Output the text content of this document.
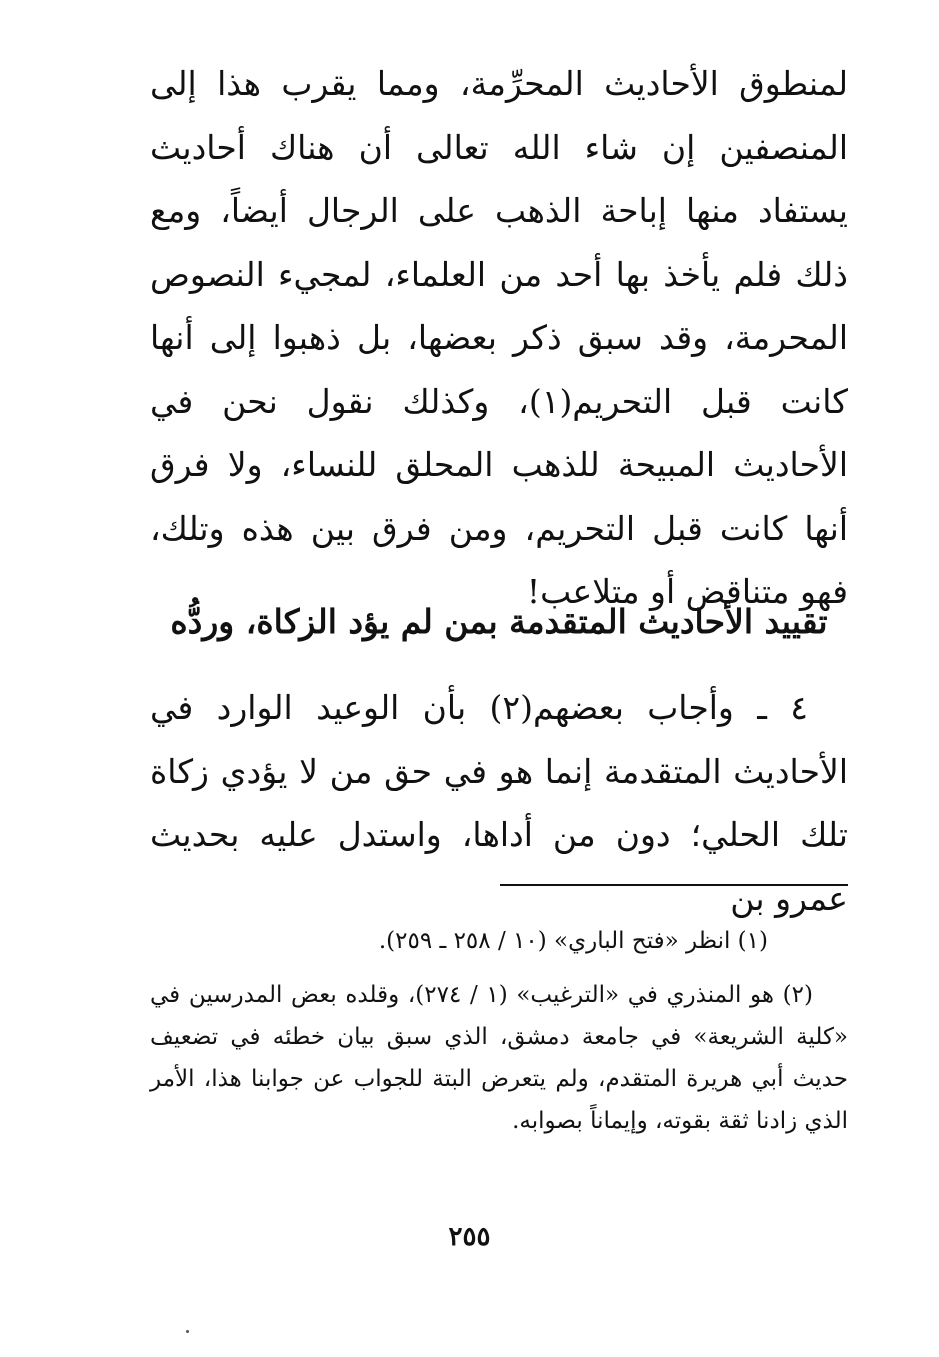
لمنطوق الأحاديث المحرِّمة، ومما يقرب هذا إلى المنصفين إن شاء الله تعالى أن هناك أحاديث يستفاد منها إباحة الذهب على الرجال أيضاً، ومع ذلك فلم يأخذ بها أحد من العلماء، لمجيء النصوص المحرمة، وقد سبق ذكر بعضها، بل ذهبوا إلى أنها كانت قبل التحريم(١)، وكذلك نقول نحن في الأحاديث المبيحة للذهب المحلق للنساء، ولا فرق أنها كانت قبل التحريم، ومن فرق بين هذه وتلك، فهو متناقض أو متلاعب!

تقييد الأحاديث المتقدمة بمن لم يؤد الزكاة، وردُّه

٤ ـ وأجاب بعضهم(٢) بأن الوعيد الوارد في الأحاديث المتقدمة إنما هو في حق من لا يؤدي زكاة تلك الحلي؛ دون من أداها، واستدل عليه بحديث عمرو بن

(١) انظر «فتح الباري» (١٠ / ٢٥٨ ـ ٢٥٩).

(٢) هو المنذري في «الترغيب» (١ / ٢٧٤)، وقلده بعض المدرسين في «كلية الشريعة» في جامعة دمشق، الذي سبق بيان خطئه في تضعيف حديث أبي هريرة المتقدم، ولم يتعرض البتة للجواب عن جوابنا هذا، الأمر الذي زادنا ثقة بقوته، وإيماناً بصوابه.

٢٥٥
